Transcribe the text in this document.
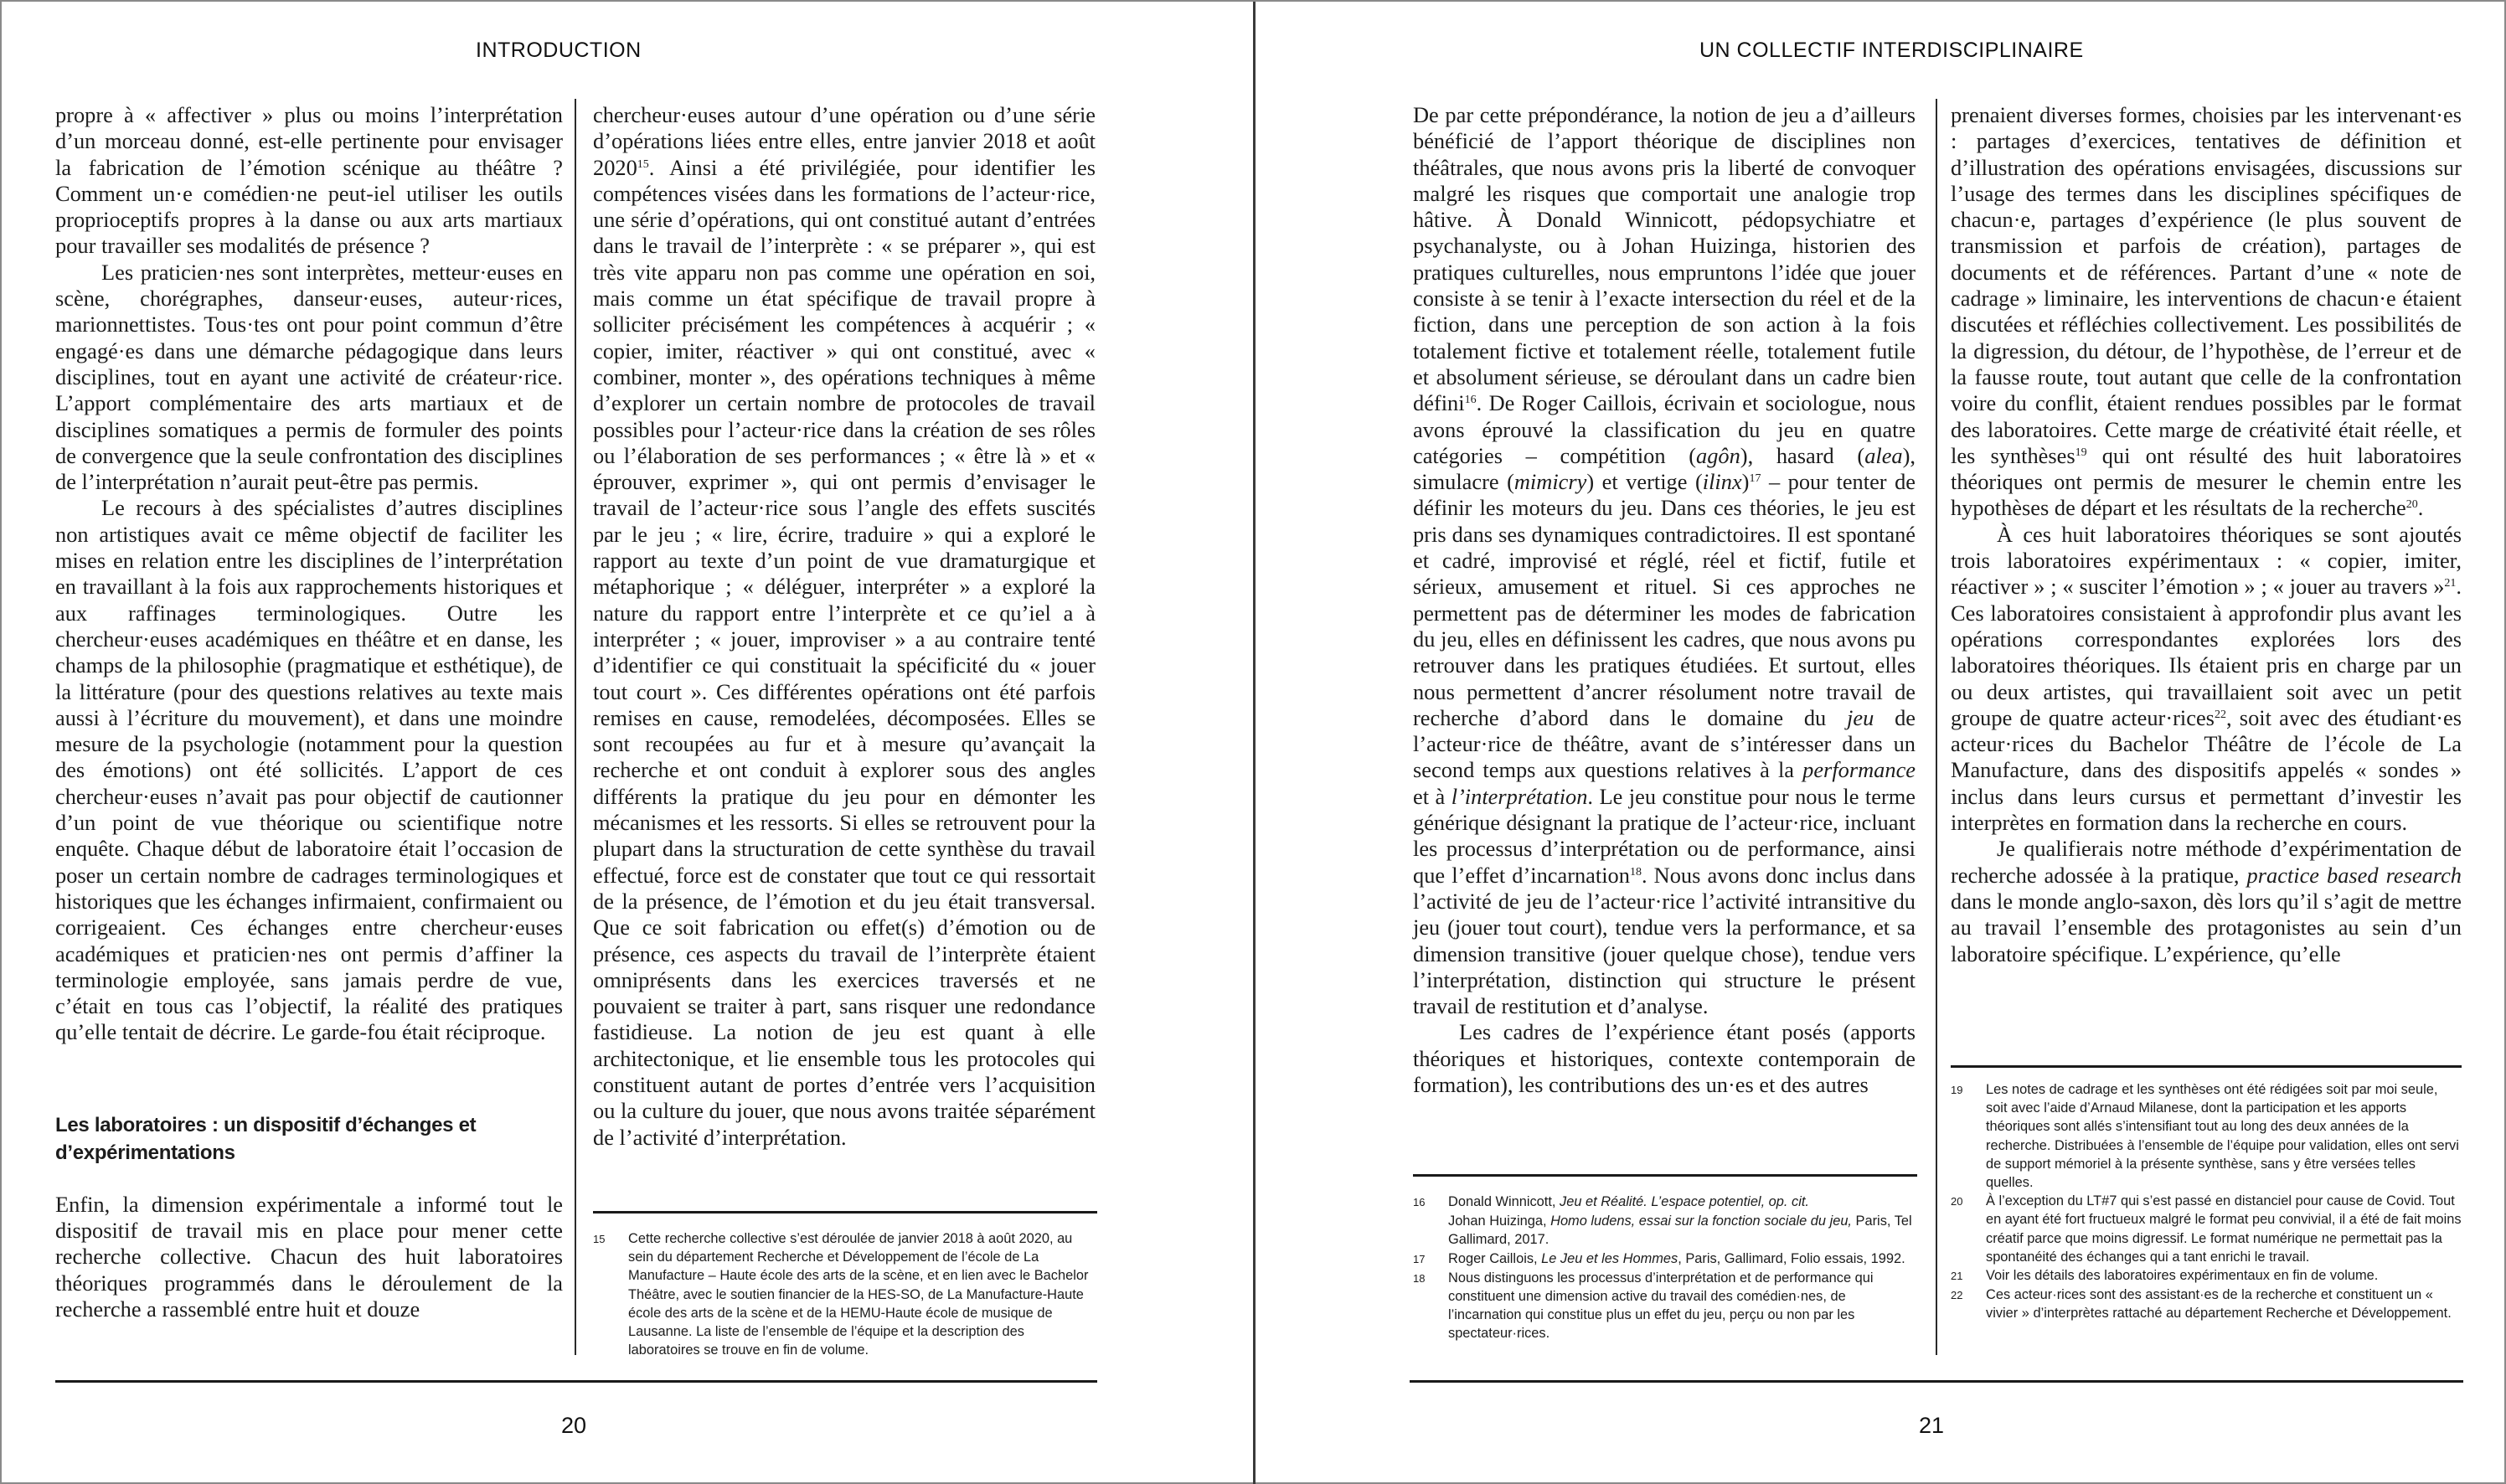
INTRODUCTION

propre à « affectiver » plus ou moins l’interprétation d’un morceau donné, est-elle pertinente pour envisager la fabrication de l’émotion scénique au théâtre ? Comment un·e comédien·ne peut-iel utiliser les outils proprioceptifs propres à la danse ou aux arts martiaux pour travailler ses modalités de présence ?

Les praticien·nes sont interprètes, metteur·euses en scène, chorégraphes, danseur·euses, auteur·rices, marionnettistes. Tous·tes ont pour point commun d’être engagé·es dans une démarche pédagogique dans leurs disciplines, tout en ayant une activité de créateur·rice. L’apport complémentaire des arts martiaux et de disciplines somatiques a permis de formuler des points de convergence que la seule confrontation des disciplines de l’interprétation n’aurait peut-être pas permis.

Le recours à des spécialistes d’autres disciplines non artistiques avait ce même objectif de faciliter les mises en relation entre les disciplines de l’interprétation en travaillant à la fois aux rapprochements historiques et aux raffinages terminologiques. Outre les chercheur·euses académiques en théâtre et en danse, les champs de la philosophie (pragmatique et esthétique), de la littérature (pour des questions relatives au texte mais aussi à l’écriture du mouvement), et dans une moindre mesure de la psychologie (notamment pour la question des émotions) ont été sollicités. L’apport de ces chercheur·euses n’avait pas pour objectif de cautionner d’un point de vue théorique ou scientifique notre enquête. Chaque début de laboratoire était l’occasion de poser un certain nombre de cadrages terminologiques et historiques que les échanges infirmaient, confirmaient ou corrigeaient. Ces échanges entre chercheur·euses académiques et praticien·nes ont permis d’affiner la terminologie employée, sans jamais perdre de vue, c’était en tous cas l’objectif, la réalité des pratiques qu’elle tentait de décrire. Le garde-fou était réciproque.

Les laboratoires : un dispositif d’échanges et d’expérimentations

Enfin, la dimension expérimentale a informé tout le dispositif de travail mis en place pour mener cette recherche collective. Chacun des huit laboratoires théoriques programmés dans le déroulement de la recherche a rassemblé entre huit et douze

chercheur·euses autour d’une opération ou d’une série d’opérations liées entre elles, entre janvier 2018 et août 2020$^{15}$. Ainsi a été privilégiée, pour identifier les compétences visées dans les formations de l’acteur·rice, une série d’opérations, qui ont constitué autant d’entrées dans le travail de l’interprète : « se préparer », qui est très vite apparu non pas comme une opération en soi, mais comme un état spécifique de travail propre à solliciter précisément les compétences à acquérir ; « copier, imiter, réactiver » qui ont constitué, avec « combiner, monter », des opérations techniques à même d’explorer un certain nombre de protocoles de travail possibles pour l’acteur·rice dans la création de ses rôles ou l’élaboration de ses performances ; « être là » et « éprouver, exprimer », qui ont permis d’envisager le travail de l’acteur·rice sous l’angle des effets suscités par le jeu ; « lire, écrire, traduire » qui a exploré le rapport au texte d’un point de vue dramaturgique et métaphorique ; « déléguer, interpréter » a exploré la nature du rapport entre l’interprète et ce qu’iel a à interpréter ; « jouer, improviser » a au contraire tenté d’identifier ce qui constituait la spécificité du « jouer tout court ». Ces différentes opérations ont été parfois remises en cause, remodelées, décomposées. Elles se sont recoupées au fur et à mesure qu’avançait la recherche et ont conduit à explorer sous des angles différents la pratique du jeu pour en démonter les mécanismes et les ressorts. Si elles se retrouvent pour la plupart dans la structuration de cette synthèse du travail effectué, force est de constater que tout ce qui ressortait de la présence, de l’émotion et du jeu était transversal. Que ce soit fabrication ou effet(s) d’émotion ou de présence, ces aspects du travail de l’interprète étaient omniprésents dans les exercices traversés et ne pouvaient se traiter à part, sans risquer une redondance fastidieuse. La notion de jeu est quant à elle architectonique, et lie ensemble tous les protocoles qui constituent autant de portes d’entrée vers l’acquisition ou la culture du jouer, que nous avons traitée séparément de l’activité d’interprétation.

15	Cette recherche collective s’est déroulée de janvier 2018 à août 2020, au sein du département Recherche et Développement de l’école de La Manufacture – Haute école des arts de la scène, et en lien avec le Bachelor Théâtre, avec le soutien financier de la HES-SO, de La Manufacture-Haute école des arts de la scène et de la HEMU-Haute école de musique de Lausanne. La liste de l’ensemble de l’équipe et la description des laboratoires se trouve en fin de volume.
20
UN COLLECTIF INTERDISCIPLINAIRE

De par cette prépondérance, la notion de jeu a d’ailleurs bénéficié de l’apport théorique de disciplines non théâtrales, que nous avons pris la liberté de convoquer malgré les risques que comportait une analogie trop hâtive. À Donald Winnicott, pédopsychiatre et psychanalyste, ou à Johan Huizinga, historien des pratiques culturelles, nous empruntons l’idée que jouer consiste à se tenir à l’exacte intersection du réel et de la fiction, dans une perception de son action à la fois totalement fictive et totalement réelle, totalement futile et absolument sérieuse, se déroulant dans un cadre bien défini$^{16}$. De Roger Caillois, écrivain et sociologue, nous avons éprouvé la classification du jeu en quatre catégories – compétition (agôn), hasard (alea), simulacre (mimicry) et vertige (ilinx)$^{17}$ – pour tenter de définir les moteurs du jeu. Dans ces théories, le jeu est pris dans ses dynamiques contradictoires. Il est spontané et cadré, improvisé et réglé, réel et fictif, futile et sérieux, amusement et rituel. Si ces approches ne permettent pas de déterminer les modes de fabrication du jeu, elles en définissent les cadres, que nous avons pu retrouver dans les pratiques étudiées. Et surtout, elles nous permettent d’ancrer résolument notre travail de recherche d’abord dans le domaine du jeu de l’acteur·rice de théâtre, avant de s’intéresser dans un second temps aux questions relatives à la performance et à l’interprétation. Le jeu constitue pour nous le terme générique désignant la pratique de l’acteur·rice, incluant les processus d’interprétation ou de performance, ainsi que l’effet d’incarnation$^{18}$. Nous avons donc inclus dans l’activité de jeu de l’acteur·rice l’activité intransitive du jeu (jouer tout court), tendue vers la performance, et sa dimension transitive (jouer quelque chose), tendue vers l’interprétation, distinction qui structure le présent travail de restitution et d’analyse.

Les cadres de l’expérience étant posés (apports théoriques et historiques, contexte contemporain de formation), les contributions des un·es et des autres

prenaient diverses formes, choisies par les intervenant·es : partages d’exercices, tentatives de définition et d’illustration des opérations envisagées, discussions sur l’usage des termes dans les disciplines spécifiques de chacun·e, partages d’expérience (le plus souvent de transmission et parfois de création), partages de documents et de références. Partant d’une « note de cadrage » liminaire, les interventions de chacun·e étaient discutées et réfléchies collectivement. Les possibilités de la digression, du détour, de l’hypothèse, de l’erreur et de la fausse route, tout autant que celle de la confrontation voire du conflit, étaient rendues possibles par le format des laboratoires. Cette marge de créativité était réelle, et les synthèses$^{19}$ qui ont résulté des huit laboratoires théoriques ont permis de mesurer le chemin entre les hypothèses de départ et les résultats de la recherche$^{20}$.

À ces huit laboratoires théoriques se sont ajoutés trois laboratoires expérimentaux : « copier, imiter, réactiver » ; « susciter l’émotion » ; « jouer au travers »$^{21}$. Ces laboratoires consistaient à approfondir plus avant les opérations correspondantes explorées lors des laboratoires théoriques. Ils étaient pris en charge par un ou deux artistes, qui travaillaient soit avec un petit groupe de quatre acteur·rices$^{22}$, soit avec des étudiant·es acteur·rices du Bachelor Théâtre de l’école de La Manufacture, dans des dispositifs appelés « sondes » inclus dans leurs cursus et permettant d’investir les interprètes en formation dans la recherche en cours.

Je qualifierais notre méthode d’expérimentation de recherche adossée à la pratique, practice based research dans le monde anglo-saxon, dès lors qu’il s’agit de mettre au travail l’ensemble des protagonistes au sein d’un laboratoire spécifique. L’expérience, qu’elle

16	Donald Winnicott, Jeu et Réalité. L’espace potentiel, op. cit.
Johan Huizinga, Homo ludens, essai sur la fonction sociale du jeu, Paris, Tel Gallimard, 2017.
17	Roger Caillois, Le Jeu et les Hommes, Paris, Gallimard, Folio essais, 1992.
18	Nous distinguons les processus d’interprétation et de performance qui constituent une dimension active du travail des comédien·nes, de l’incarnation qui constitue plus un effet du jeu, perçu ou non par les spectateur·rices.
19	Les notes de cadrage et les synthèses ont été rédigées soit par moi seule, soit avec l’aide d’Arnaud Milanese, dont la participation et les apports théoriques sont allés s’intensifiant tout au long des deux années de la recherche. Distribuées à l’ensemble de l’équipe pour validation, elles ont servi de support mémoriel à la présente synthèse, sans y être versées telles quelles.
20	À l’exception du LT#7 qui s’est passé en distanciel pour cause de Covid. Tout en ayant été fort fructueux malgré le format peu convivial, il a été de fait moins créatif parce que moins digressif. Le format numérique ne permettait pas la spontanéité des échanges qui a tant enrichi le travail.
21	Voir les détails des laboratoires expérimentaux en fin de volume.
22	Ces acteur·rices sont des assistant·es de la recherche et constituent un « vivier » d’interprètes rattaché au département Recherche et Développement.
21
